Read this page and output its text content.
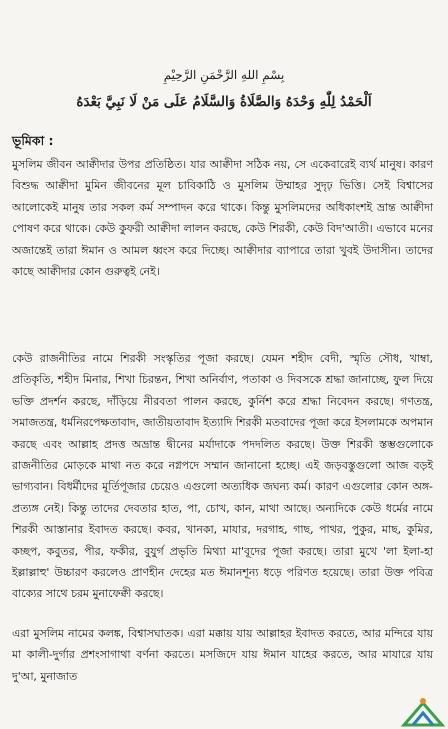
بِسْمِ اللهِ الرَّحْمَنِ الرَّحِيْمِ
اَلْحَمْدُ لِلّٰهِ وَحْدَهُ وَالصَّلَاةُ وَالسَّلَامُ عَلَى مَنْ لَا نَبِيَّ بَعْدَهُ
ভূমিকা :

মুসলিম জীবন আক্বীদার উপর প্রতিষ্ঠিত। যার আক্বীদা সঠিক নয়, সে একেবারেই ব্যর্থ মানুষ। কারণ বিশুদ্ধ আক্বীদা মুমিন জীবনের মূল চাবিকাঠি ও মুসলিম উম্মাহর সুদৃঢ় ভিত্তি। সেই বিশ্বাসের আলোকেই মানুষ তার সকল কর্ম সম্পাদন করে থাকে। কিন্তু মুসলিমদের অধিকাংশই ভ্রান্ত আক্বীদা পোষণ করে থাকে। কেউ কুফরী আক্বীদা লালন করছে, কেউ শিরকী, কেউ বিদ'আতী। এভাবে মনের অজান্তেই তারা ঈমান ও আমল ধ্বংস করে দিচ্ছে। আক্বীদার ব্যাপারে তারা খুবই উদাসীন। তাদের কাছে আক্বীদার কোন গুরুত্বই নেই।

কেউ রাজনীতির নামে শিরকী সংস্কৃতির পূজা করছে। যেমন শহীদ বেদী, স্মৃতি সৌধ, খাম্বা, প্রতিকৃতি, শহীদ মিনার, শিখা চিরন্তন, শিখা অনির্বাণ, পতাকা ও দিবসকে শ্রদ্ধা জানাচ্ছে, ফুল দিয়ে ভক্তি প্রদর্শন করছে, দাঁড়িয়ে নীরবতা পালন করছে, কুর্নিশ করে শ্রদ্ধা নিবেদন করছে। গণতন্ত্র, সমাজতন্ত্র, ধর্মনিরপেক্ষতাবাদ, জাতীয়তাবাদ ইত্যাদি শিরকী মতবাদের পূজা করে ইসলামকে অপমান করছে এবং আল্লাহ প্রদত্ত অভ্রান্ত দ্বীনের মর্যাদাকে পদদলিত করছে। উক্ত শিরকী স্তম্ভগুলোকে রাজনীতির মোড়কে মাথা নত করে নগ্নপদে সম্মান জানানো হচ্ছে। এই জড়বস্তুগুলো আজ বড়ই ভাগ্যবান। বিধর্মীদের মূর্তিপূজার চেয়েও এগুলো অত্যধিক জঘন্য কর্ম। কারণ এগুলোর কোন অঙ্গ-প্রত্যঙ্গ নেই। কিন্তু তাদের দেবতার হাত, পা, চোখ, কান, মাথা আছে। অন্যদিকে কেউ ধর্মের নামে শিরকী আস্তানার ইবাদত করছে। কবর, খানকা, মাযার, দরগাহ, গাছ, পাথর, পুকুর, মাছ, কুমির, কচ্ছপ, কবুতর, পীর, ফকীর, বুযুর্গ প্রভৃতি মিথ্যা মা'বূদের পূজা করছে। তারা মুখে 'লা ইলা-হা ইল্লাল্লাহু' উচ্চারণ করলেও প্রাণহীন দেহের মত ঈমানশূন্য ধড়ে পরিণত হয়েছে। তারা উক্ত পবিত্র বাক্যের সাথে চরম মুনাফেক্বী করছে।

এরা মুসলিম নামের কলঙ্ক, বিশ্বাসঘাতক। এরা মক্কায় যায় আল্লাহর ইবাদত করতে, আর মন্দিরে যায় মা কালী-দুর্গার প্রশংসাগাথা বর্ণনা করতে। মসজিদে যায় ঈমান যাহের করতে, আর মাযারে যায় দু'আ, মুনাজাত
